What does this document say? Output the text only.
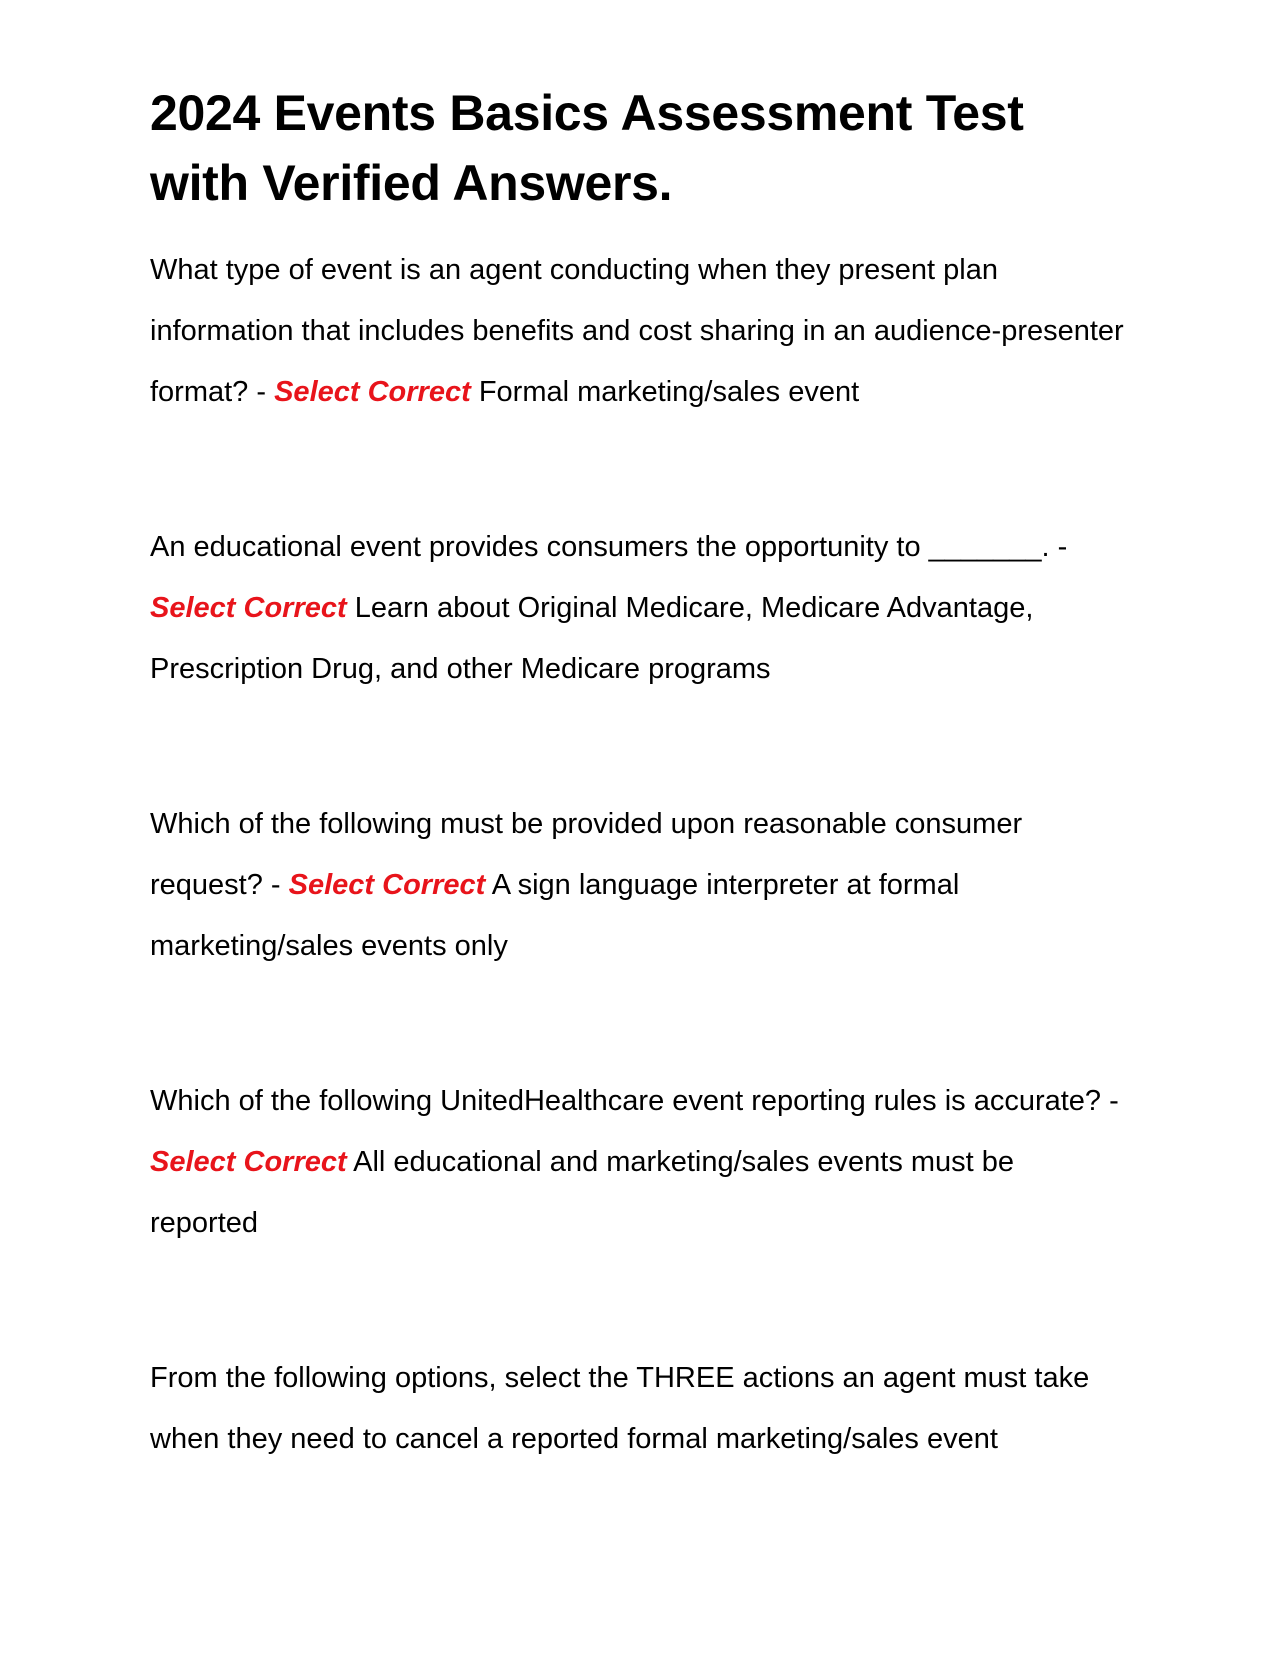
2024 Events Basics Assessment Test with Verified Answers.

What type of event is an agent conducting when they present plan information that includes benefits and cost sharing in an audience-presenter format? - Select Correct Formal marketing/sales event

An educational event provides consumers the opportunity to _______. - Select Correct Learn about Original Medicare, Medicare Advantage, Prescription Drug, and other Medicare programs

Which of the following must be provided upon reasonable consumer request? - Select Correct A sign language interpreter at formal marketing/sales events only

Which of the following UnitedHealthcare event reporting rules is accurate? - Select Correct All educational and marketing/sales events must be reported

From the following options, select the THREE actions an agent must take when they need to cancel a reported formal marketing/sales event
